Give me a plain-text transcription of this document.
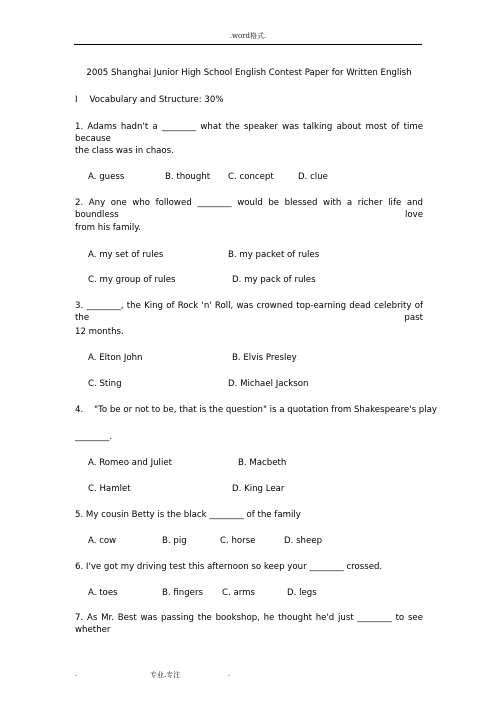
.word格式.
2005 Shanghai Junior High School English Contest Paper for Written English
I Vocabulary and Structure: 30%
1. Adams hadn't a ________ what the speaker was talking about most of time because
the class was in chaos.
A. guess	B. thought C. concept	D. clue
2. Any one who followed ________ would be blessed with a richer life and boundless love
from his family.
A. my set of rules	B. my packet of rules
C. my group of rules	D. my pack of rules
3. ________, the King of Rock 'n' Roll, was crowned top-earning dead celebrity of the past
12 months.
A. Elton John	B. Elvis Presley
C. Sting	D. Michael Jackson
4.    "To be or not to be, that is the question" is a quotation from Shakespeare's play
________.
A. Romeo and Juliet	B. Macbeth
C. Hamlet	D. King Lear
5. My cousin Betty is the black ________ of the family
A. cow	B. pig	C. horse	D. sheep
6. I've got my driving test this afternoon so keep your ________ crossed.
A. toes	B. fingers C. arms	D. legs
7. As Mr. Best was passing the bookshop, he thought he'd just ________ to see whether
.	专业.专注	.
